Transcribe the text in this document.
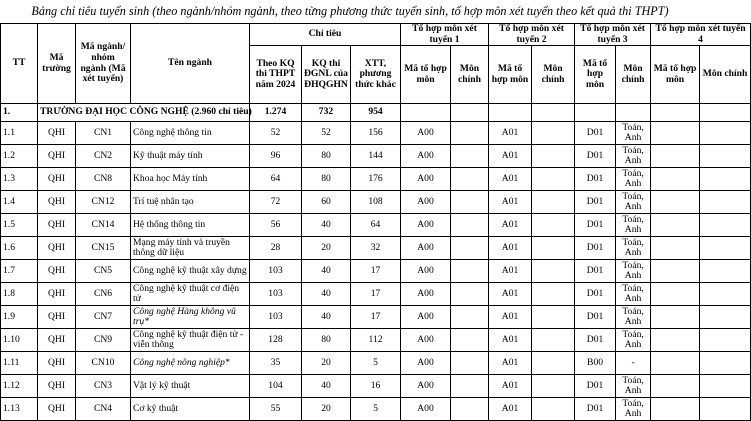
Bảng chỉ tiêu tuyển sinh (theo ngành/nhóm ngành, theo từng phương thức tuyển sinh, tổ hợp môn xét tuyển theo kết quả thi THPT)
TT	Mã trường	Mã ngành/ nhóm ngành (Mã xét tuyển)	Tên ngành	Chỉ tiêu			Tổ hợp môn xét tuyển 1		Tổ hợp môn xét tuyển 2		Tổ hợp môn xét tuyển 3		Tổ hợp môn xét tuyển 4	
				Theo KQ thi THPT năm 2024	KQ thi ĐGNL của ĐHQGHN	XTT, phương thức khác	Mã tổ hợp môn	Môn chính	Mã tổ hợp môn	Môn chính	Mã tổ hợp môn	Môn chính	Mã tổ hợp môn	Môn chính
1.	TRƯỜNG ĐẠI HỌC CÔNG NGHỆ (2.960 chỉ tiêu)			1.274	732	954								
1.1	QHI	CN1	Công nghệ thông tin	52	52	156	A00		A01		D01	Toán, Anh		
1.2	QHI	CN2	Kỹ thuật máy tính	96	80	144	A00		A01		D01	Toán, Anh		
1.3	QHI	CN8	Khoa học Máy tính	64	80	176	A00		A01		D01	Toán, Anh		
1.4	QHI	CN12	Trí tuệ nhân tạo	72	60	108	A00		A01		D01	Toán, Anh		
1.5	QHI	CN14	Hệ thống thông tin	56	40	64	A00		A01		D01	Toán, Anh		
1.6	QHI	CN15	Mạng máy tính và truyền thông dữ liệu	28	20	32	A00		A01		D01	Toán, Anh		
1.7	QHI	CN5	Công nghệ kỹ thuật xây dựng	103	40	17	A00		A01		D01	Toán, Anh		
1.8	QHI	CN6	Công nghệ kỹ thuật cơ điện tử	103	40	17	A00		A01		D01	Toán, Anh		
1.9	QHI	CN7	Công nghệ Hàng không vũ trụ*	103	40	17	A00		A01		D01	Toán, Anh		
1.10	QHI	CN9	Công nghệ kỹ thuật điện tử - viễn thông	128	80	112	A00		A01		D01	Toán, Anh		
1.11	QHI	CN10	Công nghệ nông nghiệp*	35	20	5	A00		A01		B00	-		
1.12	QHI	CN3	Vật lý kỹ thuật	104	40	16	A00		A01		D01	Toán, Anh		
1.13	QHI	CN4	Cơ kỹ thuật	55	20	5	A00		A01		D01	Toán, Anh		
